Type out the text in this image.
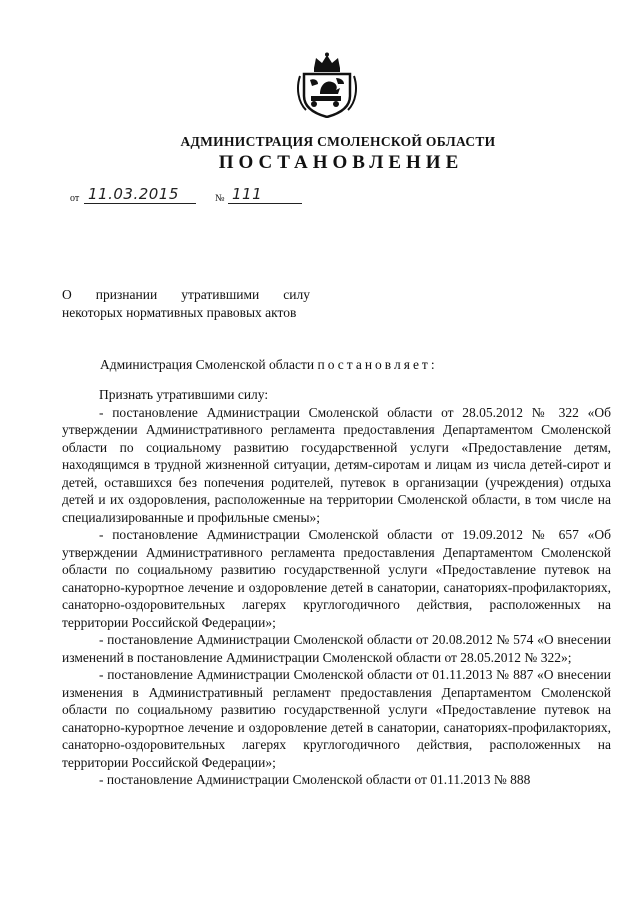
АДМИНИСТРАЦИЯ СМОЛЕНСКОЙ ОБЛАСТИ
ПОСТАНОВЛЕНИЕ
от 11.03.2015	№ 111
О признании утратившими силу некоторых нормативных правовых актов
Администрация Смоленской области постановляет:

Признать утратившими силу:

- постановление Администрации Смоленской области от 28.05.2012 № 322 «Об утверждении Административного регламента предоставления Департаментом Смоленской области по социальному развитию государственной услуги «Предоставление детям, находящимся в трудной жизненной ситуации, детям-сиротам и лицам из числа детей-сирот и детей, оставшихся без попечения родителей, путевок в организации (учреждения) отдыха детей и их оздоровления, расположенные на территории Смоленской области, в том числе на специализированные и профильные смены»;

- постановление Администрации Смоленской области от 19.09.2012 № 657 «Об утверждении Административного регламента предоставления Департаментом Смоленской области по социальному развитию государственной услуги «Предоставление путевок на санаторно-курортное лечение и оздоровление детей в санатории, санаториях-профилакториях, санаторно-оздоровительных лагерях круглогодичного действия, расположенных на территории Российской Федерации»;

- постановление Администрации Смоленской области от 20.08.2012 № 574 «О внесении изменений в постановление Администрации Смоленской области от 28.05.2012 № 322»;

- постановление Администрации Смоленской области от 01.11.2013 № 887 «О внесении изменения в Административный регламент предоставления Департаментом Смоленской области по социальному развитию государственной услуги «Предоставление путевок на санаторно-курортное лечение и оздоровление детей в санатории, санаториях-профилакториях, санаторно-оздоровительных лагерях круглогодичного действия, расположенных на территории Российской Федерации»;

- постановление Администрации Смоленской области от 01.11.2013 № 888
